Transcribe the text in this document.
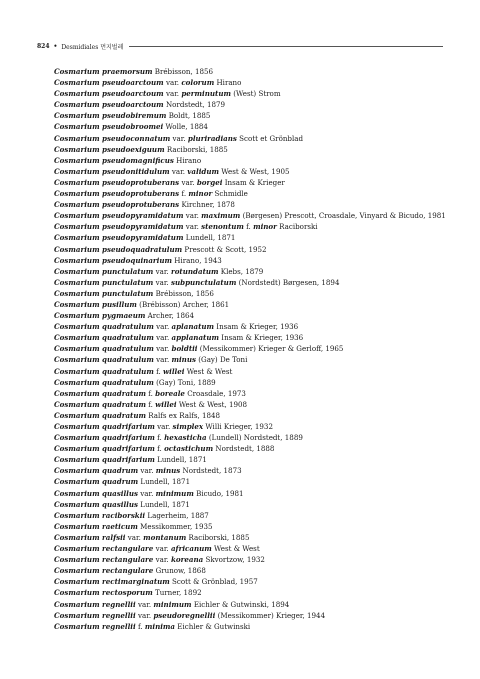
824 • Desmidiales 먼지벌레
Cosmarium praemorsum Brébisson, 1856
Cosmarium pseudoarctoum var. colorum Hirano
Cosmarium pseudoarctoum var. perminutum (West) Strom
Cosmarium pseudoarctoum Nordstedt, 1879
Cosmarium pseudobiremum Boldt, 1885
Cosmarium pseudobroomei Wolle, 1884
Cosmarium pseudoconnatum var. pluriradians Scott et Grönblad
Cosmarium pseudoexiguum Raciborski, 1885
Cosmarium pseudomagnificus Hirano
Cosmarium pseudonitidulum var. validum West & West, 1905
Cosmarium pseudoprotuberans var. borgei Insam & Krieger
Cosmarium pseudoprotuberans f. minor Schmidle
Cosmarium pseudoprotuberans Kirchner, 1878
Cosmarium pseudopyramidatum var. maximum (Børgesen) Prescott, Croasdale, Vinyard & Bicudo, 1981
Cosmarium pseudopyramidatum var. stenontum f. minor Raciborski
Cosmarium pseudopyramidatum Lundell, 1871
Cosmarium pseudoquadratulum Prescott & Scott, 1952
Cosmarium pseudoquinarium Hirano, 1943
Cosmarium punctulatum var. rotundatum Klebs, 1879
Cosmarium punctulatum var. subpunctulatum (Nordstedt) Børgesen, 1894
Cosmarium punctulatum Brébisson, 1856
Cosmarium pusillum (Brébisson) Archer, 1861
Cosmarium pygmaeum Archer, 1864
Cosmarium quadratulum var. aplanatum Insam & Krieger, 1936
Cosmarium quadratulum var. applanatum Insam & Krieger, 1936
Cosmarium quadratulum var. boldtii (Messikommer) Krieger & Gerloff, 1965
Cosmarium quadratulum var. minus (Gay) De Toni
Cosmarium quadratulum f. willei West & West
Cosmarium quadratulum (Gay) Toni, 1889
Cosmarium quadratum f. boreale Croasdale, 1973
Cosmarium quadratum f. willei West & West, 1908
Cosmarium quadratum Ralfs ex Ralfs, 1848
Cosmarium quadrifarium var. simplex Willi Krieger, 1932
Cosmarium quadrifarium f. hexasticha (Lundell) Nordstedt, 1889
Cosmarium quadrifarium f. octastichum Nordstedt, 1888
Cosmarium quadrifarium Lundell, 1871
Cosmarium quadrum var. minus Nordstedt, 1873
Cosmarium quadrum Lundell, 1871
Cosmarium quasillus var. minimum Bicudo, 1981
Cosmarium quasillus Lundell, 1871
Cosmarium raciborskii Lagerheim, 1887
Cosmarium raeticum Messikommer, 1935
Cosmarium ralfsii var. montanum Raciborski, 1885
Cosmarium rectangulare var. africanum West & West
Cosmarium rectangulare var. koreana Skvortzow, 1932
Cosmarium rectangulare Grunow, 1868
Cosmarium rectimarginatum Scott & Grönblad, 1957
Cosmarium rectosporum Turner, 1892
Cosmarium regnellii var. minimum Eichler & Gutwinski, 1894
Cosmarium regnellii var. pseudoregnellii (Messikommer) Krieger, 1944
Cosmarium regnellii f. minima Eichler & Gutwinski
